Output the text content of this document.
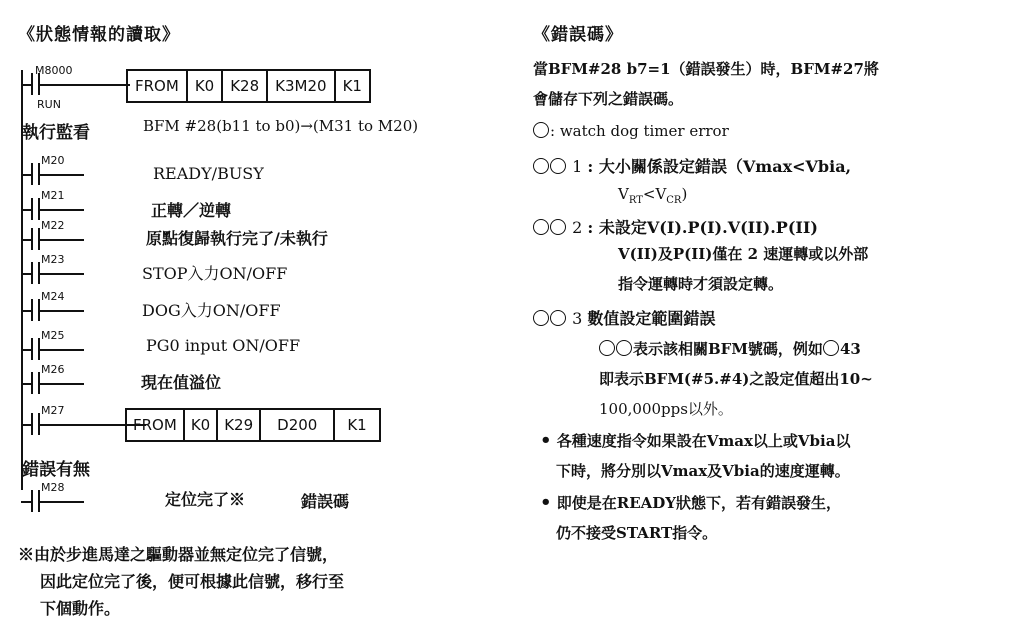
《狀態情報的讀取》
M8000
RUN
FROM	K0	K28	K3M20	K1
執行監看	BFM #28(b11 to b0)→(M31 to M20)
M20
READY/BUSY
M21
正轉／逆轉
M22
原點復歸執行完了/未執行
M23
STOP入力ON/OFF
M24
DOG入力ON/OFF
M25
PG0 input ON/OFF
M26
現在值溢位
M27
FROM K0 K29	D200	K1
錯誤有無
M28
定位完了※	錯誤碼
※由於步進馬達之驅動器並無定位完了信號，
因此定位完了後，便可根據此信號，移行至
下個動作。
《錯誤碼》
當BFM#28 b7=1（錯誤發生）時，BFM#27將
會儲存下列之錯誤碼。
: watch dog timer error
1 : 大小關係設定錯誤（Vmax<Vbia,
$V_{RT}<V_{CR}$)
2 : 未設定V(I).P(I).V(II).P(II)
V(II)及P(II)僅在 2 速運轉或以外部
指令運轉時才須設定轉。
3 數值設定範圍錯誤
表示該相關BFM號碼，例如 43
即表示BFM(#5.#4)之設定值超出10~
100,000pps以外。
• 各種速度指令如果設在Vmax以上或Vbia以
下時，將分別以Vmax及Vbia的速度運轉。
• 即使是在READY狀態下，若有錯誤發生，
仍不接受START指令。
